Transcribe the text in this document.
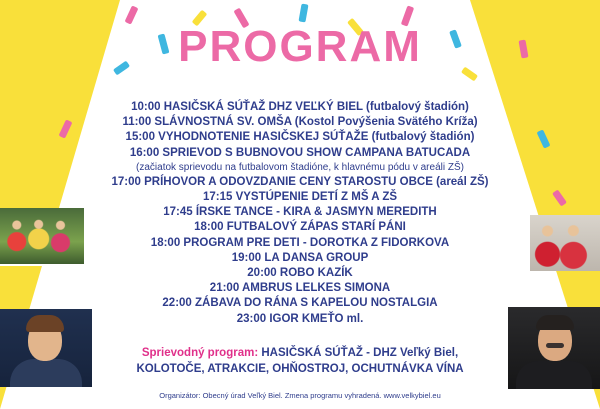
PROGRAM
10:00 HASIČSKÁ SÚŤAŽ DHZ VEĽKÝ BIEL (futbalový štadión)
11:00 SLÁVNOSTNÁ SV. OMŠA (Kostol Povýšenia Svätého Kríža)
15:00 VYHODNOTENIE HASIČSKEJ SÚŤAŽE (futbalový štadión)
16:00 SPRIEVOD S BUBNOVOU SHOW CAMPANA BATUCADA
(začiatok sprievodu na futbalovom štadióne, k hlavnému pódu v areáli ZŠ)
17:00 PRÍHOVOR A ODOVZDANIE CENY STAROSTU OBCE (areál ZŠ)
17:15 VYSTÚPENIE DETÍ Z MŠ A ZŠ
17:45 ÍRSKE TANCE - KIRA & JASMYN MEREDITH
18:00 FUTBALOVÝ ZÁPAS STARÍ PÁNI
18:00 PROGRAM PRE DETI - DOROTKA Z FIDORKOVA
19:00 LA DANSA GROUP
20:00 ROBO KAZÍK
21:00 AMBRUS LELKES SIMONA
22:00 ZÁBAVA DO RÁNA S KAPELOU NOSTALGIA
23:00 IGOR KMEŤO ml.
Sprievodný program: HASIČSKÁ SÚŤAŽ - DHZ Veľký Biel,
KOLOTOČE, ATRAKCIE, OHŇOSTROJ, OCHUTNÁVKA VÍNA
Organizátor: Obecný úrad Veľký Biel. Zmena programu vyhradená. www.velkybiel.eu
